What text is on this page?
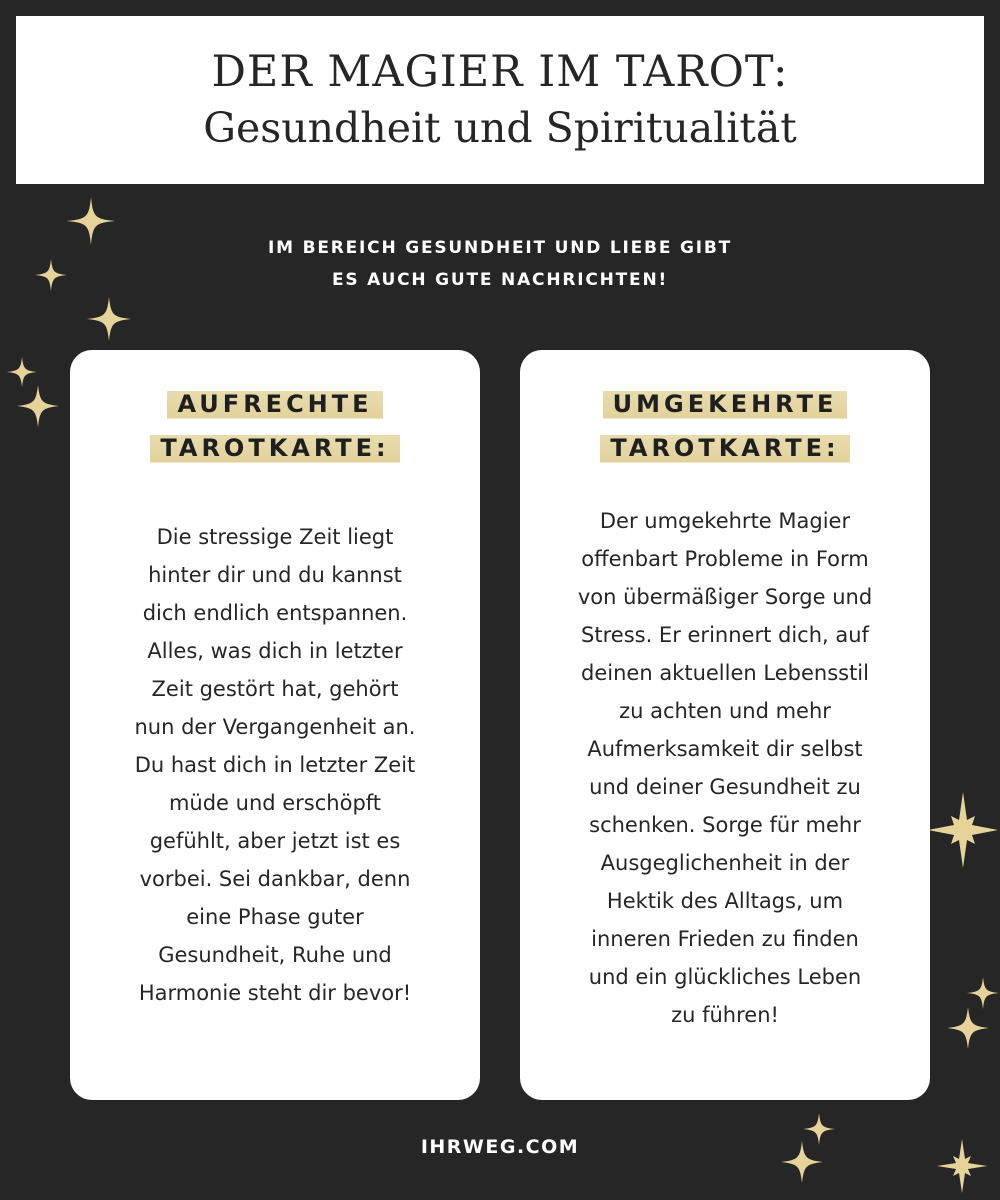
DER MAGIER IM TAROT:
Gesundheit und Spiritualität
IM BEREICH GESUNDHEIT UND LIEBE GIBT
ES AUCH GUTE NACHRICHTEN!
AUFRECHTE
TAROTKARTE:
Die stressige Zeit liegt
hinter dir und du kannst
dich endlich entspannen.
Alles, was dich in letzter
Zeit gestört hat, gehört
nun der Vergangenheit an.
Du hast dich in letzter Zeit
müde und erschöpft
gefühlt, aber jetzt ist es
vorbei. Sei dankbar, denn
eine Phase guter
Gesundheit, Ruhe und
Harmonie steht dir bevor!
UMGEKEHRTE
TAROTKARTE:
Der umgekehrte Magier
offenbart Probleme in Form
von übermäßiger Sorge und
Stress. Er erinnert dich, auf
deinen aktuellen Lebensstil
zu achten und mehr
Aufmerksamkeit dir selbst
und deiner Gesundheit zu
schenken. Sorge für mehr
Ausgeglichenheit in der
Hektik des Alltags, um
inneren Frieden zu finden
und ein glückliches Leben
zu führen!
IHRWEG.COM
